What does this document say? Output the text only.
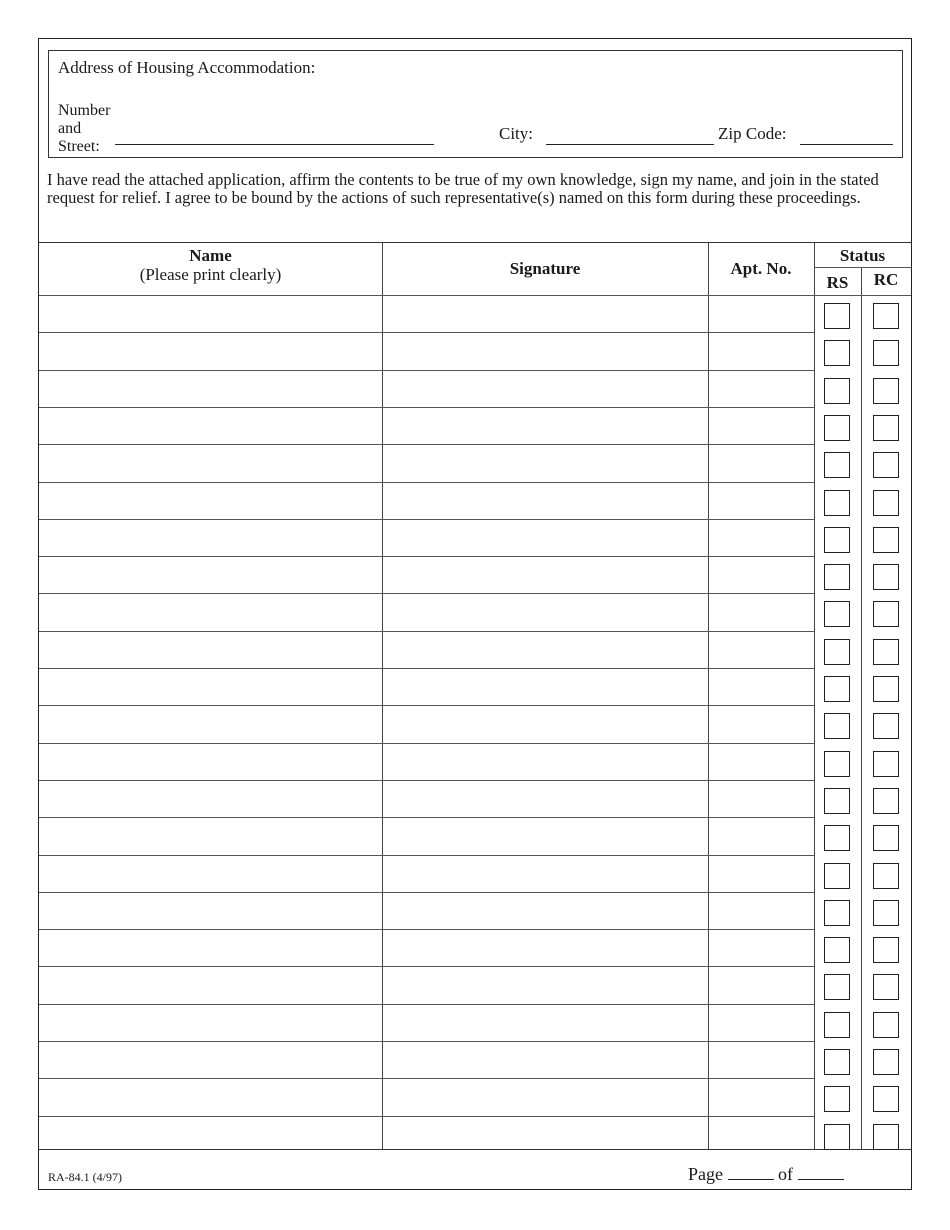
Address of Housing Accommodation:
Number
and
Street:
City:	Zip Code:
I have read the attached application, affirm the contents to be true of my own knowledge, sign my name, and join in the stated request for relief. I agree to be bound by the actions of such representative(s) named on this form during these proceedings.
Name
(Please print clearly)	Signature	Apt. No.
Status
RS	RC
RA-84.1 (4/97)	Page	of
